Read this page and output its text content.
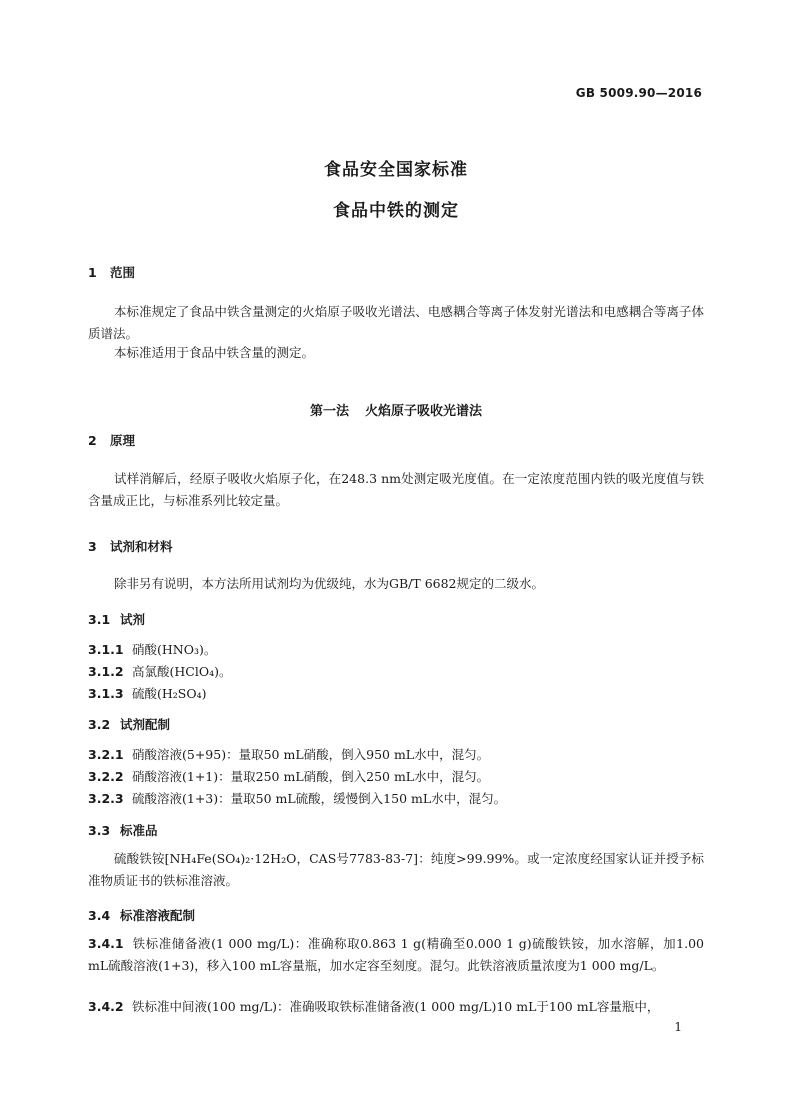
GB 5009.90—2016
食品安全国家标准
食品中铁的测定
1 范围
本标准规定了食品中铁含量测定的火焰原子吸收光谱法、电感耦合等离子体发射光谱法和电感耦合等离子体质谱法。
本标准适用于食品中铁含量的测定。
第一法 火焰原子吸收光谱法
2 原理
试样消解后，经原子吸收火焰原子化，在248.3 nm处测定吸光度值。在一定浓度范围内铁的吸光度值与铁含量成正比，与标准系列比较定量。
3 试剂和材料
除非另有说明，本方法所用试剂均为优级纯，水为GB/T 6682规定的二级水。
3.1 试剂
3.1.1 硝酸(HNO₃)。
3.1.2 高氯酸(HClO₄)。
3.1.3 硫酸(H₂SO₄)
3.2 试剂配制
3.2.1 硝酸溶液(5+95)：量取50 mL硝酸，倒入950 mL水中，混匀。
3.2.2 硝酸溶液(1+1)：量取250 mL硝酸，倒入250 mL水中，混匀。
3.2.3 硫酸溶液(1+3)：量取50 mL硫酸，缓慢倒入150 mL水中，混匀。
3.3 标准品
硫酸铁铵[NH₄Fe(SO₄)₂·12H₂O，CAS号7783-83-7]：纯度>99.99%。或一定浓度经国家认证并授予标准物质证书的铁标准溶液。
3.4 标准溶液配制
3.4.1 铁标准储备液(1 000 mg/L)：准确称取0.863 1 g(精确至0.000 1 g)硫酸铁铵，加水溶解，加1.00 mL硫酸溶液(1+3)，移入100 mL容量瓶，加水定容至刻度。混匀。此铁溶液质量浓度为1 000 mg/L。
3.4.2 铁标准中间液(100 mg/L)：准确吸取铁标准储备液(1 000 mg/L)10 mL于100 mL容量瓶中，
1
